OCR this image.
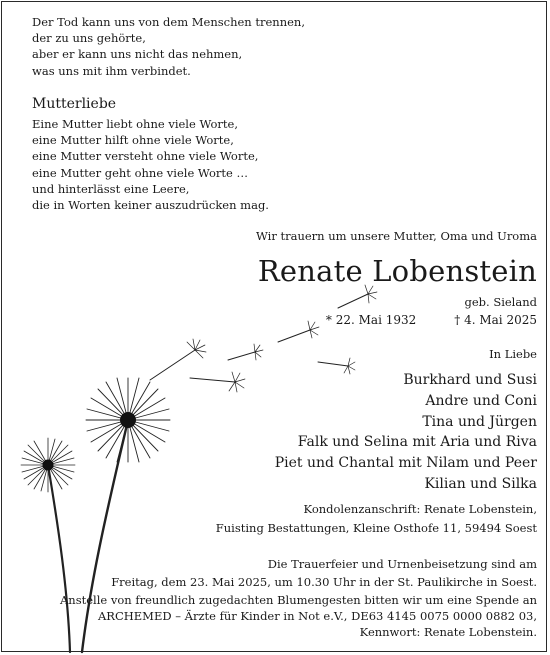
Der Tod kann uns von dem Menschen trennen,
der zu uns gehörte,
aber er kann uns nicht das nehmen,
was uns mit ihm verbindet.
Mutterliebe
Eine Mutter liebt ohne viele Worte,
eine Mutter hilft ohne viele Worte,
eine Mutter versteht ohne viele Worte,
eine Mutter geht ohne viele Worte …
und hinterlässt eine Leere,
die in Worten keiner auszudrücken mag.
Wir trauern um unsere Mutter, Oma und Uroma
Renate Lobenstein
geb. Sieland
* 22. Mai 1932	† 4. Mai 2025
In Liebe
Burkhard und Susi
Andre und Coni
Tina und Jürgen
Falk und Selina mit Aria und Riva
Piet und Chantal mit Nilam und Peer
Kilian und Silka
Kondolenzanschrift: Renate Lobenstein,
Fuisting Bestattungen, Kleine Osthofe 11, 59494 Soest
Die Trauerfeier und Urnenbeisetzung sind am
Freitag, dem 23. Mai 2025, um 10.30 Uhr in der St. Paulikirche in Soest.
Anstelle von freundlich zugedachten Blumengesten bitten wir um eine Spende an
ARCHEMED – Ärzte für Kinder in Not e.V., DE63 4145 0075 0000 0882 03,
Kennwort: Renate Lobenstein.
